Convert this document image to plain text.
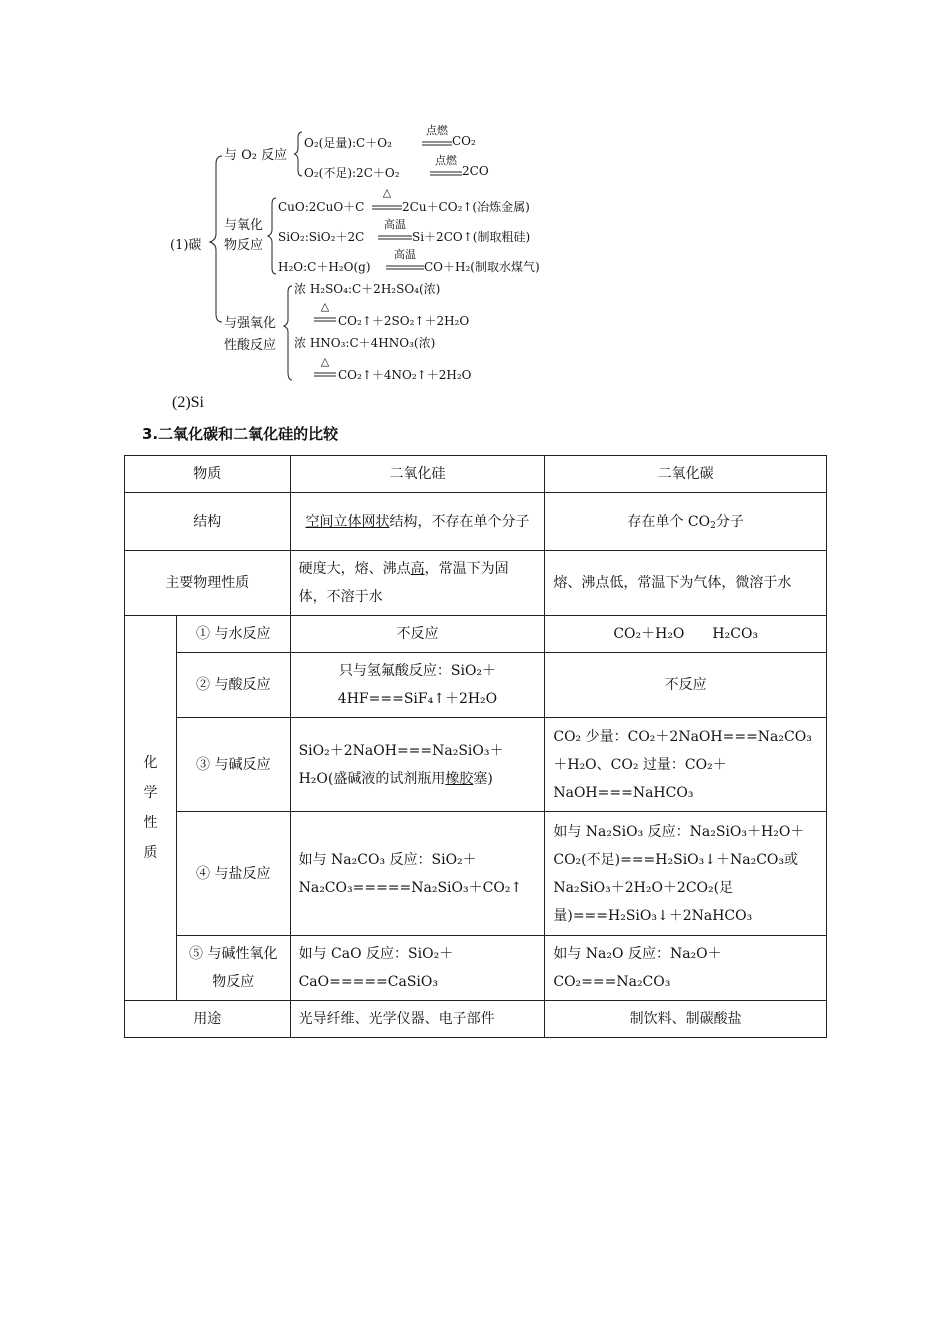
(1)碳
与 O₂ 反应
O₂(足量):C＋O₂
点燃
CO₂
O₂(不足):2C＋O₂
点燃
2CO
与氧化
物反应
CuO:2CuO＋C
△
2Cu＋CO₂↑(冶炼金属)
SiO₂:SiO₂＋2C
高温
Si＋2CO↑(制取粗硅)
H₂O:C＋H₂O(g)
高温
CO＋H₂(制取水煤气)
与强氧化
性酸反应
浓 H₂SO₄:C＋2H₂SO₄(浓)
△
CO₂↑＋2SO₂↑＋2H₂O
浓 HNO₃:C＋4HNO₃(浓)
△
CO₂↑＋4NO₂↑＋2H₂O
(2)Si
3.二氧化碳和二氧化硅的比较
物质		二氧化硅	二氧化碳
结构		空间立体网状结构，不存在单个分子	存在单个 $CO_2$分子
主要物理性质		硬度大，熔、沸点高，常温下为固体，不溶于水	熔、沸点低，常温下为气体，微溶于水

化学性质	① 与水反应	不反应	CO₂＋H₂O　　H₂CO₃
	② 与酸反应	只与氢氟酸反应：SiO₂＋4HF===SiF₄↑＋2H₂O	不反应
	③ 与碱反应	SiO₂＋2NaOH===Na₂SiO₃＋H₂O(盛碱液的试剂瓶用橡胶塞)	CO₂ 少量：CO₂＋2NaOH===Na₂CO₃＋H₂O、CO₂ 过量：CO₂＋NaOH===NaHCO₃
	④ 与盐反应	如与 Na₂CO₃ 反应：SiO₂＋Na₂CO₃=====Na₂SiO₃＋CO₂↑	如与 Na₂SiO₃ 反应：Na₂SiO₃＋H₂O＋CO₂(不足)===H₂SiO₃↓＋Na₂CO₃或Na₂SiO₃＋2H₂O＋2CO₂(足量)===H₂SiO₃↓＋2NaHCO₃
	⑤ 与碱性氧化物反应	如与 CaO 反应：SiO₂＋CaO=====CaSiO₃	如与 Na₂O 反应：Na₂O＋CO₂===Na₂CO₃
用途		光导纤维、光学仪器、电子部件	制饮料、制碳酸盐
